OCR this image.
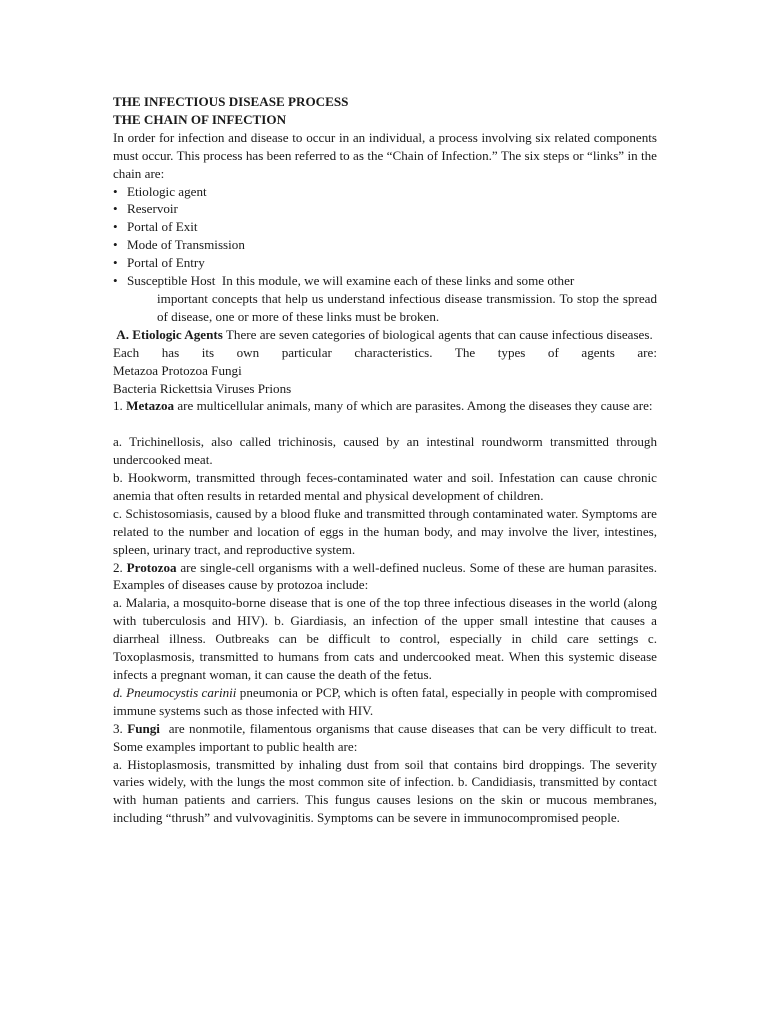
THE INFECTIOUS DISEASE PROCESS

THE CHAIN OF INFECTION

In order for infection and disease to occur in an individual, a process involving six related components must occur. This process has been referred to as the “Chain of Infection.” The six steps or “links” in the chain are:

• Etiologic agent
• Reservoir
• Portal of Exit
• Mode of Transmission
• Portal of Entry
• Susceptible Host  In this module, we will examine each of these links and some other

important concepts that help us understand infectious disease transmission. To stop the spread of disease, one or more of these links must be broken.

A. Etiologic Agents There are seven categories of biological agents that can cause infectious diseases.

Each has its own particular characteristics. The types of agents are:

Metazoa Protozoa Fungi

Bacteria Rickettsia Viruses Prions

1. Metazoa are multicellular animals, many of which are parasites. Among the diseases they cause are:

a. Trichinellosis, also called trichinosis, caused by an intestinal roundworm transmitted through undercooked meat.

b. Hookworm, transmitted through feces-contaminated water and soil. Infestation can cause chronic anemia that often results in retarded mental and physical development of children.

c. Schistosomiasis, caused by a blood fluke and transmitted through contaminated water. Symptoms are related to the number and location of eggs in the human body, and may involve the liver, intestines, spleen, urinary tract, and reproductive system.

2. Protozoa are single-cell organisms with a well-defined nucleus. Some of these are human parasites. Examples of diseases cause by protozoa include:

a. Malaria, a mosquito-borne disease that is one of the top three infectious diseases in the world (along with tuberculosis and HIV). b. Giardiasis, an infection of the upper small intestine that causes a diarrheal illness. Outbreaks can be difficult to control, especially in child care settings c. Toxoplasmosis, transmitted to humans from cats and undercooked meat. When this systemic disease infects a pregnant woman, it can cause the death of the fetus.

d. Pneumocystis carinii pneumonia or PCP, which is often fatal, especially in people with compromised immune systems such as those infected with HIV.

3. Fungi  are nonmotile, filamentous organisms that cause diseases that can be very difficult to treat. Some examples important to public health are:

a. Histoplasmosis, transmitted by inhaling dust from soil that contains bird droppings. The severity varies widely, with the lungs the most common site of infection. b. Candidiasis, transmitted by contact with human patients and carriers. This fungus causes lesions on the skin or mucous membranes, including “thrush” and vulvovaginitis. Symptoms can be severe in immunocompromised people.
